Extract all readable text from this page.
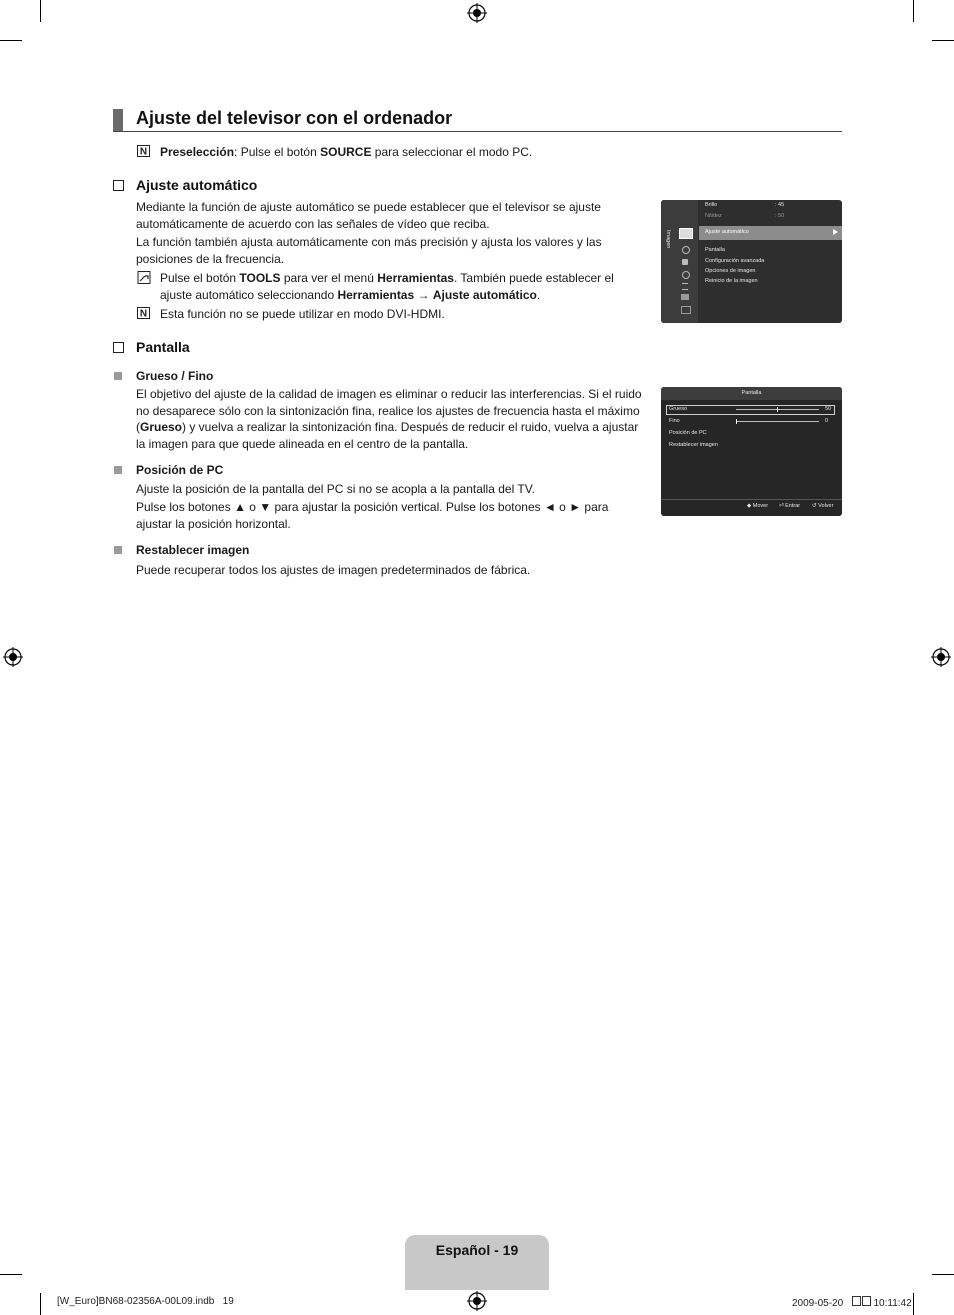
Ajuste del televisor con el ordenador
N Preselección: Pulse el botón SOURCE para seleccionar el modo PC.
Ajuste automático
Mediante la función de ajuste automático se puede establecer que el televisor se ajuste
automáticamente de acuerdo con las señales de vídeo que reciba.
La función también ajusta automáticamente con más precisión y ajusta los valores y las
posiciones de la frecuencia.
Pulse el botón TOOLS para ver el menú Herramientas. También puede establecer el
ajuste automático seleccionando Herramientas → Ajuste automático.
N Esta función no se puede utilizar en modo DVI-HDMI.
Imagen
Brillo	: 45
Nitidez	: 50
Ajuste automático
Pantalla
Configuración avanzada
Opciones de imagen
Reinicio de la imagen
Pantalla
Grueso / Fino
El objetivo del ajuste de la calidad de imagen es eliminar o reducir las interferencias. Si el ruido
no desaparece sólo con la sintonización fina, realice los ajustes de frecuencia hasta el máximo
(Grueso) y vuelva a realizar la sintonización fina. Después de reducir el ruido, vuelva a ajustar
la imagen para que quede alineada en el centro de la pantalla.
Posición de PC
Ajuste la posición de la pantalla del PC si no se acopla a la pantalla del TV.
Pulse los botones ▲ o ▼ para ajustar la posición vertical. Pulse los botones ◄ o ► para
ajustar la posición horizontal.
Restablecer imagen
Puede recuperar todos los ajustes de imagen predeterminados de fábrica.
Pantalla
Grueso	50
Fino	0
Posición de PC
Restablecer imagen
◆ Mover ⏎ Entrar ↺ Volver
Español - 19
[W_Euro]BN68-02356A-00L09.indb   19	2009-05-20   10:11:42
